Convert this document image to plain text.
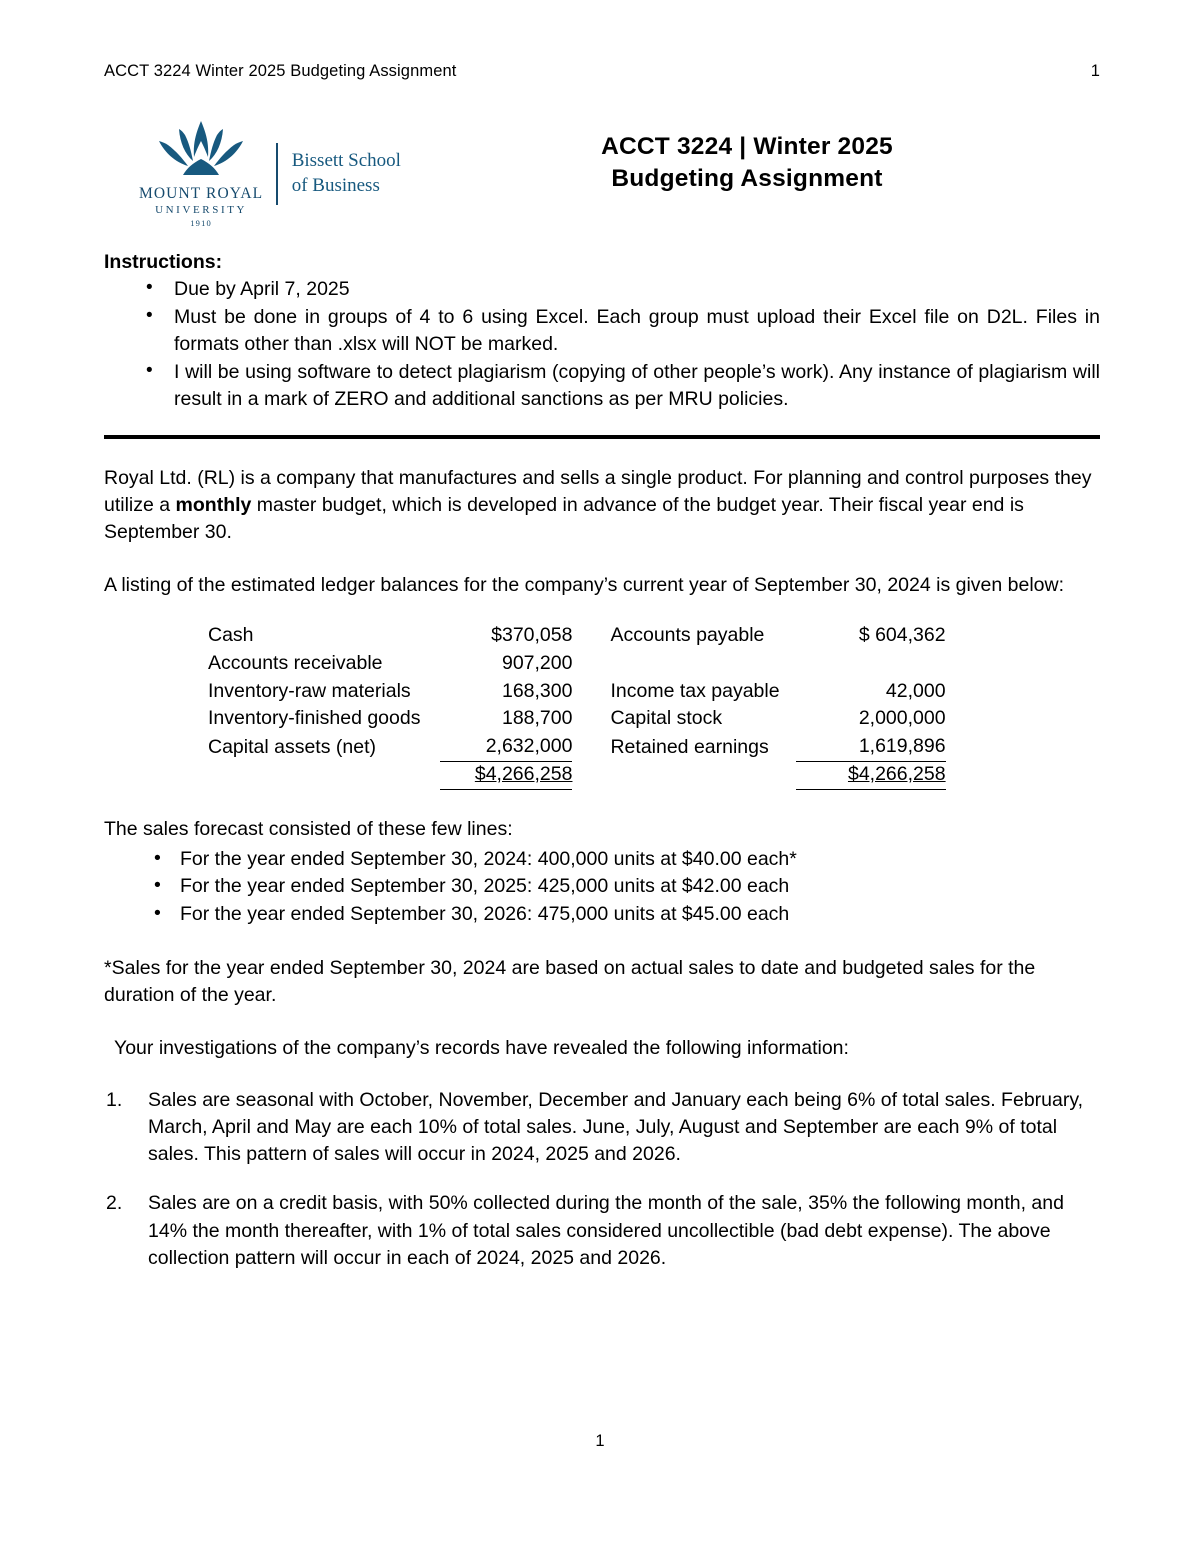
ACCT 3224 Winter 2025 Budgeting Assignment	1
MOUNT ROYAL
UNIVERSITY
1910
Bissett School
of Business
ACCT 3224 | Winter 2025
Budgeting Assignment
Instructions:
• Due by April 7, 2025
• Must be done in groups of 4 to 6 using Excel. Each group must upload their Excel file on D2L. Files in formats other than .xlsx will NOT be marked.
• I will be using software to detect plagiarism (copying of other people’s work). Any instance of plagiarism will result in a mark of ZERO and additional sanctions as per MRU policies.

Royal Ltd. (RL) is a company that manufactures and sells a single product. For planning and control purposes they utilize a monthly master budget, which is developed in advance of the budget year. Their fiscal year end is September 30.

A listing of the estimated ledger balances for the company’s current year of September 30, 2024 is given below:

Cash	$370,058		Accounts payable	$ 604,362
Accounts receivable	907,200			
Inventory-raw materials	168,300		Income tax payable	42,000
Inventory-finished goods	188,700		Capital stock	2,000,000
Capital assets (net)	2,632,000		Retained earnings	1,619,896
	$4,266,258			$4,266,258

The sales forecast consisted of these few lines:

• For the year ended September 30, 2024: 400,000 units at $40.00 each*
• For the year ended September 30, 2025: 425,000 units at $42.00 each
• For the year ended September 30, 2026: 475,000 units at $45.00 each

*Sales for the year ended September 30, 2024 are based on actual sales to date and budgeted sales for the duration of the year.

Your investigations of the company’s records have revealed the following information:
Sales are seasonal with October, November, December and January each being 6% of total sales. February, March, April and May are each 10% of total sales. June, July, August and September are each 9% of total sales. This pattern of sales will occur in 2024, 2025 and 2026.
Sales are on a credit basis, with 50% collected during the month of the sale, 35% the following month, and 14% the month thereafter, with 1% of total sales considered uncollectible (bad debt expense). The above collection pattern will occur in each of 2024, 2025 and 2026.
1
